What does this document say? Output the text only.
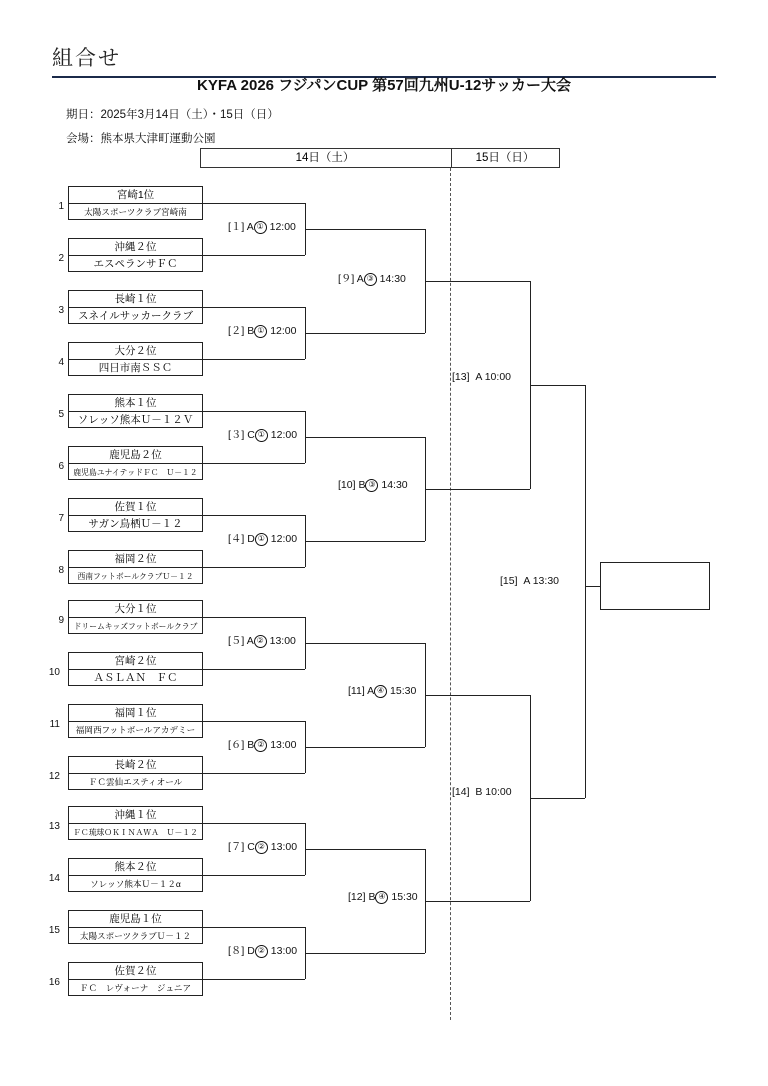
組合せ
KYFA 2026 フジパンCUP 第57回九州U-12サッカー大会
期日：2025年3月14日（土）・15日（日）
会場：熊本県大津町運動公園
14日（土）	15日（日）
1
宮崎1位
太陽スポーツクラブ宮崎南
2
沖縄２位
エスペランサＦＣ
3
長崎１位
スネイルサッカークラブ
4
大分２位
四日市南ＳＳＣ
5
熊本１位
ソレッソ熊本Ｕ－１２Ｖ
6
鹿児島２位
鹿児島ユナイテッドＦＣ　Ｕ－１２
7
佐賀１位
サガン鳥栖Ｕ－１２
8
福岡２位
西南フットボールクラブＵ－１２
9
大分１位
ドリームキッズフットボールクラブ
10
宮崎２位
ＡＳＬＡＮ　ＦＣ
11
福岡１位
福岡西フットボールアカデミー
12
長崎２位
ＦＣ雲仙エスティオール
13
沖縄１位
ＦＣ琉球ＯＫＩＮＡＷＡ　Ｕ－１２
14
熊本２位
ソレッソ熊本Ｕ－１２α
15
鹿児島１位
太陽スポーツクラブＵ－１２
16
佐賀２位
ＦＣ　レヴォーナ　ジュニア
[１] A ① 12:00
[２] B ① 12:00
[３] C ① 12:00
[４] D ① 12:00
[５] A ② 13:00
[６] B ② 13:00
[７] C ② 13:00
[８] D ② 13:00
[９] A ③ 14:30
[10] B ③ 14:30
[11] A ④ 15:30
[12] B ④ 15:30
[13] A 10:00
[14] B 10:00
[15] A 13:30
